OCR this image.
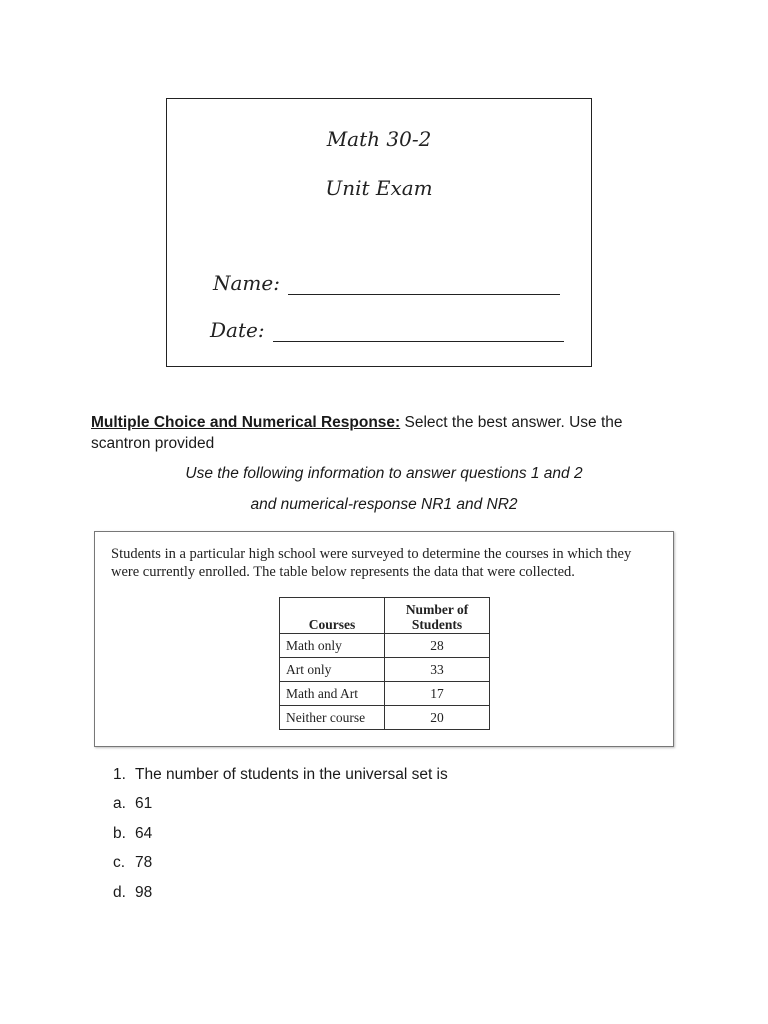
Math 30-2
Unit Exam
Name:
Date:
Multiple Choice and Numerical Response: Select the best answer. Use the scantron provided
Use the following information to answer questions 1 and 2
and numerical-response NR1 and NR2
Students in a particular high school were surveyed to determine the courses in which they were currently enrolled. The table below represents the data that were collected.
Courses	Number of Students
Math only	28
Art only	33
Math and Art	17
Neither course	20
1. The number of students in the universal set is
a. 61
b. 64
c. 78
d. 98
